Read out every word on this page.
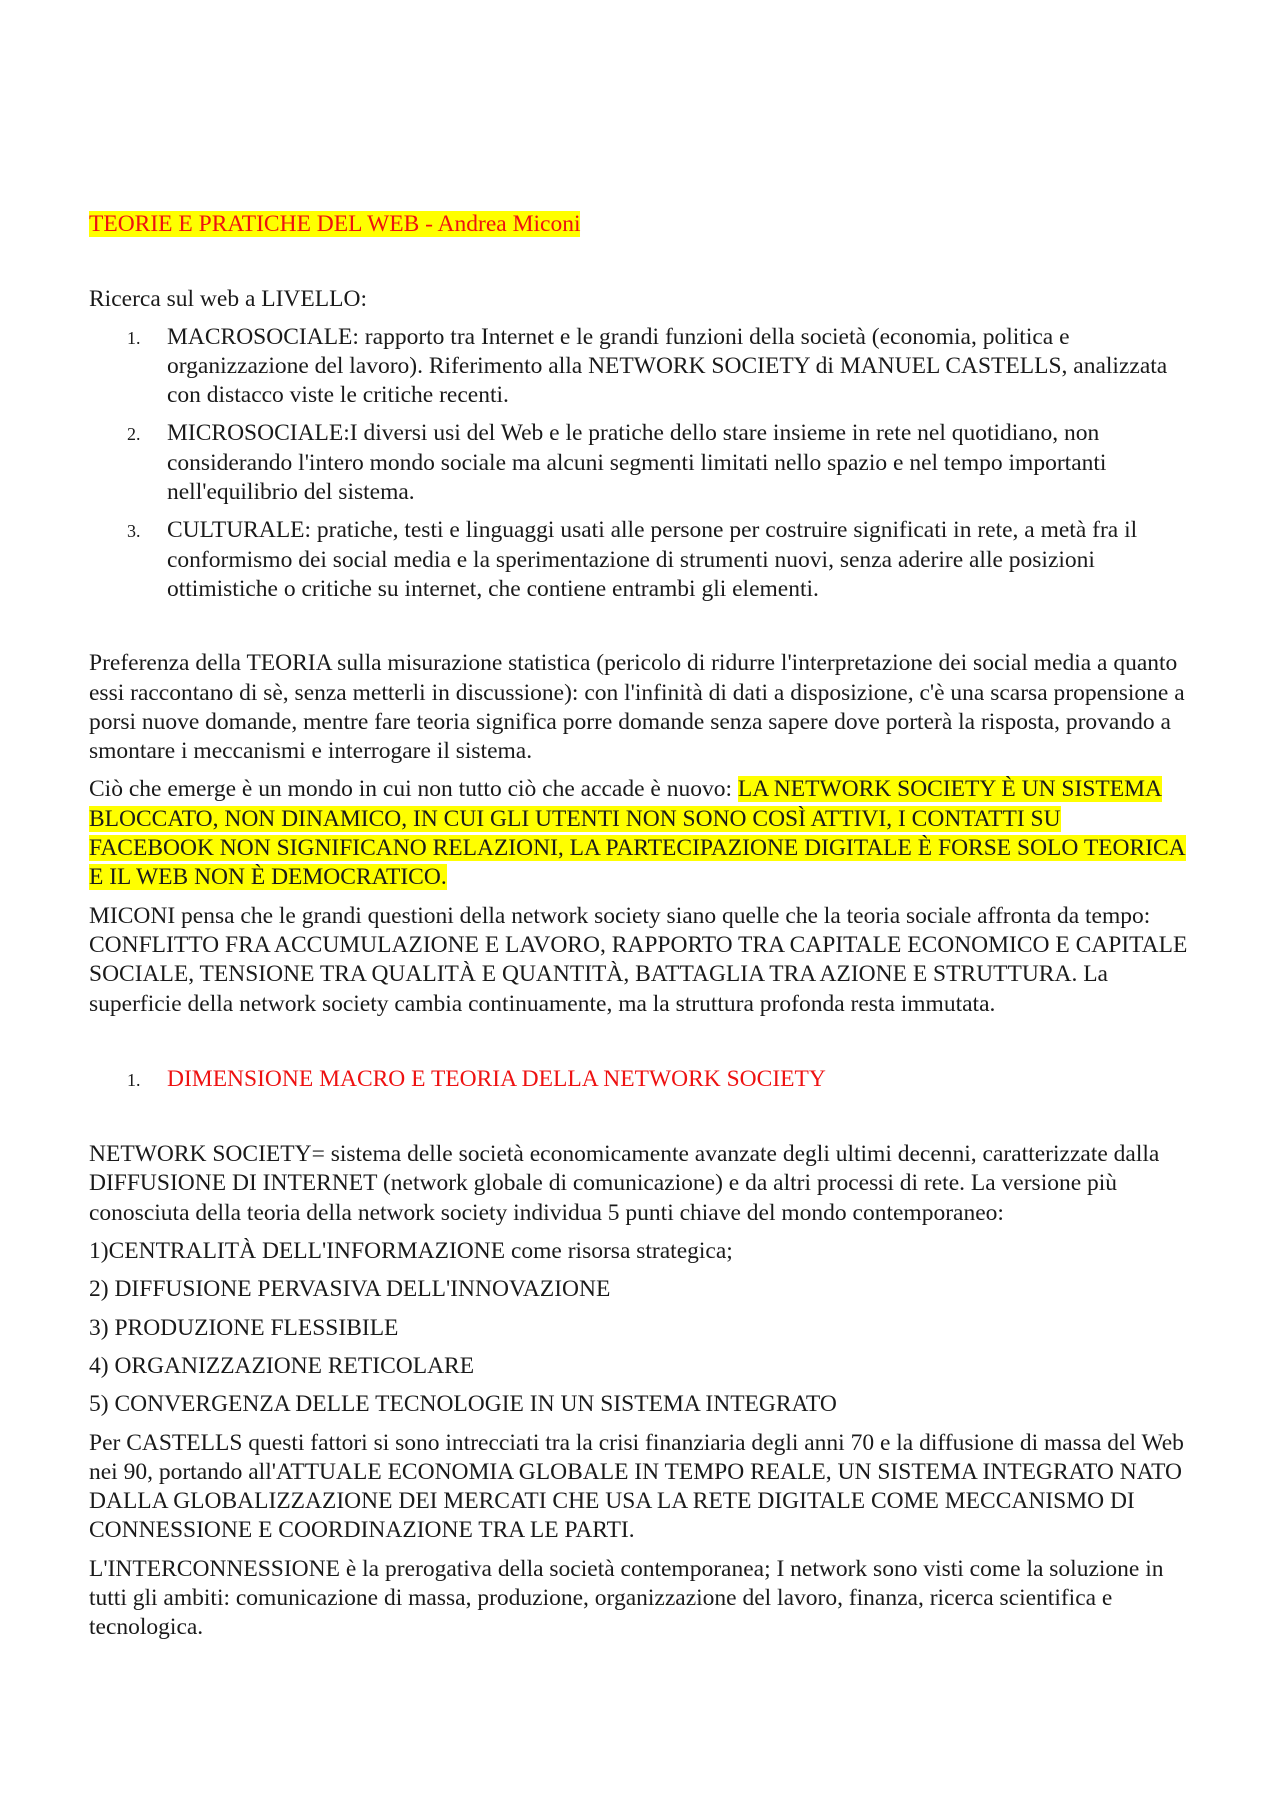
TEORIE E PRATICHE DEL WEB - Andrea Miconi

Ricerca sul web a LIVELLO:

1. MACROSOCIALE: rapporto tra Internet e le grandi funzioni della società (economia, politica e organizzazione del lavoro). Riferimento alla NETWORK SOCIETY di MANUEL CASTELLS, analizzata con distacco viste le critiche recenti.
2. MICROSOCIALE:I diversi usi del Web e le pratiche dello stare insieme in rete nel quotidiano, non considerando l'intero mondo sociale ma alcuni segmenti limitati nello spazio e nel tempo importanti nell'equilibrio del sistema.
3. CULTURALE: pratiche, testi e linguaggi usati alle persone per costruire significati in rete, a metà fra il conformismo dei social media e la sperimentazione di strumenti nuovi, senza aderire alle posizioni ottimistiche o critiche su internet, che contiene entrambi gli elementi.

Preferenza della TEORIA sulla misurazione statistica (pericolo di ridurre l'interpretazione dei social media a quanto essi raccontano di sè, senza metterli in discussione): con l'infinità di dati a disposizione, c'è una scarsa propensione a porsi nuove domande, mentre fare teoria significa porre domande senza sapere dove porterà la risposta, provando a smontare i meccanismi e interrogare il sistema.

Ciò che emerge è un mondo in cui non tutto ciò che accade è nuovo: LA NETWORK SOCIETY È UN SISTEMA BLOCCATO, NON DINAMICO, IN CUI GLI UTENTI NON SONO COSÌ ATTIVI, I CONTATTI SU FACEBOOK NON SIGNIFICANO RELAZIONI, LA PARTECIPAZIONE DIGITALE È FORSE SOLO TEORICA E IL WEB NON È DEMOCRATICO.

MICONI pensa che le grandi questioni della network society siano quelle che la teoria sociale affronta da tempo: CONFLITTO FRA ACCUMULAZIONE E LAVORO, RAPPORTO TRA CAPITALE ECONOMICO E CAPITALE SOCIALE, TENSIONE TRA QUALITÀ E QUANTITÀ, BATTAGLIA TRA AZIONE E STRUTTURA. La superficie della network society cambia continuamente, ma la struttura profonda resta immutata.

1. DIMENSIONE MACRO E TEORIA DELLA NETWORK SOCIETY

NETWORK SOCIETY= sistema delle società economicamente avanzate degli ultimi decenni, caratterizzate dalla DIFFUSIONE DI INTERNET (network globale di comunicazione) e da altri processi di rete. La versione più conosciuta della teoria della network society individua 5 punti chiave del mondo contemporaneo:

1)CENTRALITÀ DELL'INFORMAZIONE come risorsa strategica;

2) DIFFUSIONE PERVASIVA DELL'INNOVAZIONE

3) PRODUZIONE FLESSIBILE

4) ORGANIZZAZIONE RETICOLARE

5) CONVERGENZA DELLE TECNOLOGIE IN UN SISTEMA INTEGRATO

Per CASTELLS questi fattori si sono intrecciati tra la crisi finanziaria degli anni 70 e la diffusione di massa del Web nei 90, portando all'ATTUALE ECONOMIA GLOBALE IN TEMPO REALE, UN SISTEMA INTEGRATO NATO DALLA GLOBALIZZAZIONE DEI MERCATI CHE USA LA RETE DIGITALE COME MECCANISMO DI CONNESSIONE E COORDINAZIONE TRA LE PARTI.

L'INTERCONNESSIONE è la prerogativa della società contemporanea; I network sono visti come la soluzione in tutti gli ambiti: comunicazione di massa, produzione, organizzazione del lavoro, finanza, ricerca scientifica e tecnologica.
